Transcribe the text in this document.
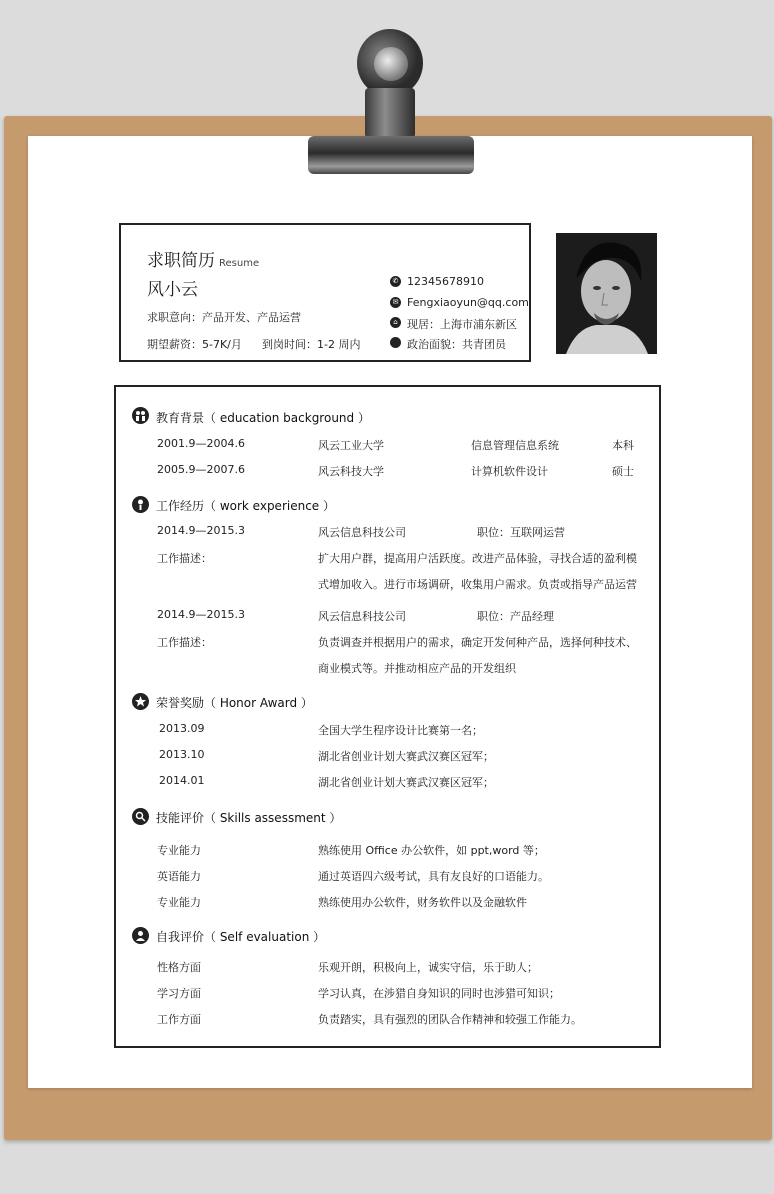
求职简历 Resume
风小云
求职意向：产品开发、产品运营
期望薪资：5-7K/月 到岗时间：1-2 周内
✆ 12345678910
✉ Fengxiaoyun@qq.com
⌂ 现居：上海市浦东新区
政治面貌：共青团员
教育背景（ education background ）
2001.9—2004.6	风云工业大学	信息管理信息系统	本科
2005.9—2007.6	风云科技大学	计算机软件设计	硕士
工作经历（ work experience ）
2014.9—2015.3	风云信息科技公司	职位：互联网运营
工作描述：	扩大用户群，提高用户活跃度。改进产品体验，寻找合适的盈利模
式增加收入。进行市场调研，收集用户需求。负责或指导产品运营
2014.9—2015.3	风云信息科技公司	职位：产品经理
工作描述：	负责调查并根据用户的需求，确定开发何种产品，选择何种技术、
商业模式等。并推动相应产品的开发组织
荣誉奖励（ Honor Award ）
2013.09	全国大学生程序设计比赛第一名；
2013.10	湖北省创业计划大赛武汉赛区冠军；
2014.01	湖北省创业计划大赛武汉赛区冠军；
技能评价（ Skills assessment ）
专业能力	熟练使用 Office 办公软件，如 ppt,word 等；
英语能力	通过英语四六级考试，具有友良好的口语能力。
专业能力	熟练使用办公软件，财务软件以及金融软件
自我评价（ Self evaluation ）
性格方面	乐观开朗，积极向上，诚实守信，乐于助人；
学习方面	学习认真，在涉猎自身知识的同时也涉猎可知识；
工作方面	负责踏实，具有强烈的团队合作精神和较强工作能力。
